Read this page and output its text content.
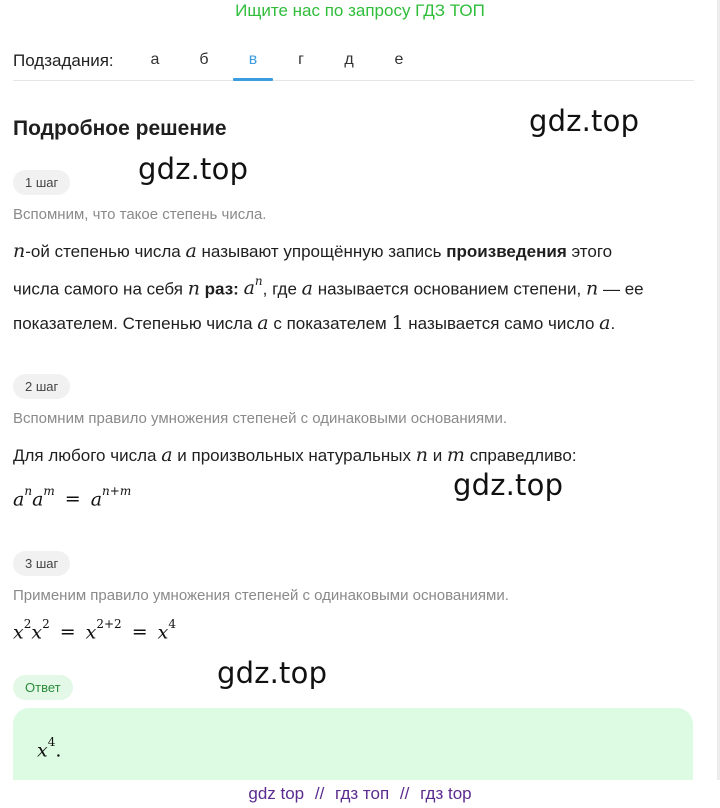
Ищите нас по запросу ГДЗ ТОП
Подзадания:	а	б	в	г	д	е
Подробное решение	gdz.top
gdz.top
gdz.top
gdz.top
1 шаг
Вспомним, что такое степень числа.
n-ой степенью числа a называют упрощённую запись произведения этого
числа самого на себя n раз: $a^n$, где a называется основанием степени, n — ее
показателем. Степенью числа a с показателем 1 называется само число a.
2 шаг
Вспомним правило умножения степеней с одинаковыми основаниями.
Для любого числа a и произвольных натуральных n и m справедливо:
$a^na^m = a^{n+m}$
3 шаг
Применим правило умножения степеней с одинаковыми основаниями.
$x^2x^2 = x^{2+2} = x^4$
Ответ
$x^4$.
gdz top // гдз топ // гдз top
